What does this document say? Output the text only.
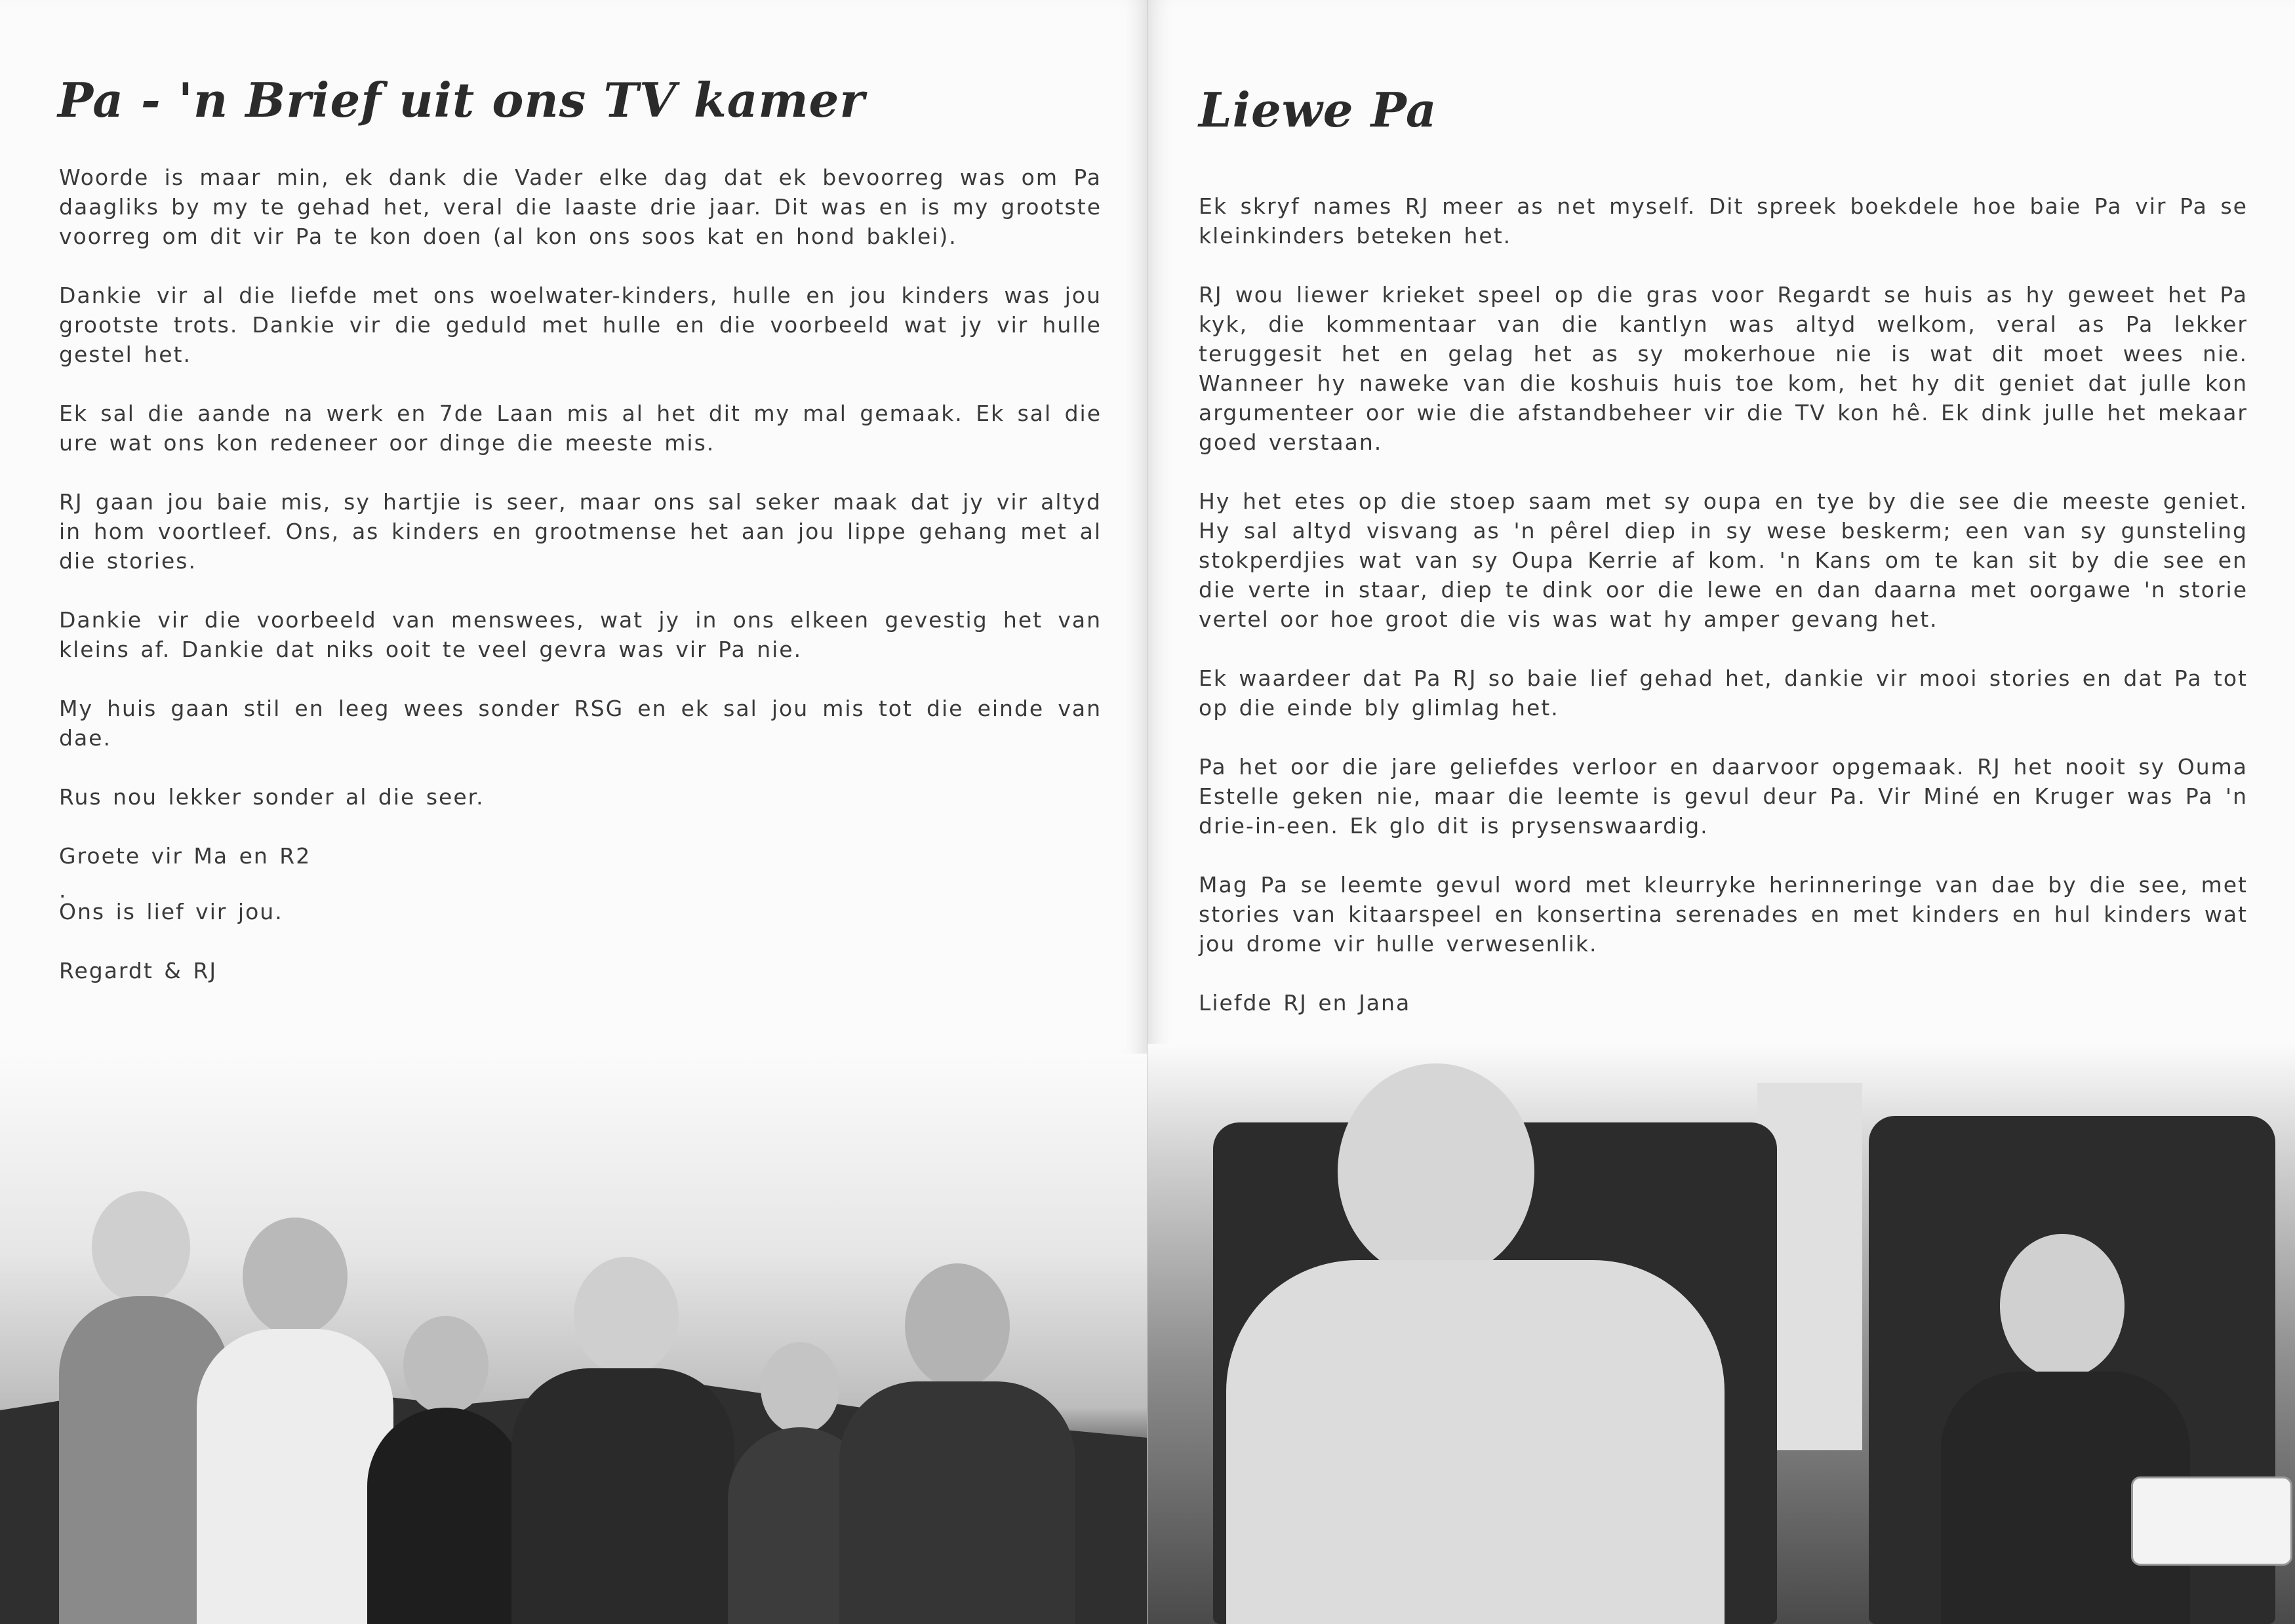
Pa - 'n Brief uit ons TV kamer

Woorde is maar min, ek dank die Vader elke dag dat ek bevoorreg was om Pa daagliks by my te gehad het, veral die laaste drie jaar. Dit was en is my grootste voorreg om dit vir Pa te kon doen (al kon ons soos kat en hond baklei).

Dankie vir al die liefde met ons woelwater-kinders, hulle en jou kinders was jou grootste trots. Dankie vir die geduld met hulle en die voorbeeld wat jy vir hulle gestel het.

Ek sal die aande na werk en 7de Laan mis al het dit my mal gemaak. Ek sal die ure wat ons kon redeneer oor dinge die meeste mis.

RJ gaan jou baie mis, sy hartjie is seer, maar ons sal seker maak dat jy vir altyd in hom voortleef. Ons, as kinders en grootmense het aan jou lippe gehang met al die stories.

Dankie vir die voorbeeld van menswees, wat jy in ons elkeen gevestig het van kleins af. Dankie dat niks ooit te veel gevra was vir Pa nie.

My huis gaan stil en leeg wees sonder RSG en ek sal jou mis tot die einde van dae.

Rus nou lekker sonder al die seer.

Groete vir Ma en R2

.

Ons is lief vir jou.

Regardt & RJ

Liewe Pa

Ek skryf names RJ meer as net myself. Dit spreek boekdele hoe baie Pa vir Pa se kleinkinders beteken het.

RJ wou liewer krieket speel op die gras voor Regardt se huis as hy geweet het Pa kyk, die kommentaar van die kantlyn was altyd welkom, veral as Pa lekker teruggesit het en gelag het as sy mokerhoue nie is wat dit moet wees nie. Wanneer hy naweke van die koshuis huis toe kom, het hy dit geniet dat julle kon argumenteer oor wie die afstandbeheer vir die TV kon hê. Ek dink julle het mekaar goed verstaan.

Hy het etes op die stoep saam met sy oupa en tye by die see die meeste geniet. Hy sal altyd visvang as 'n pêrel diep in sy wese beskerm; een van sy gunsteling stokperdjies wat van sy Oupa Kerrie af kom. 'n Kans om te kan sit by die see en die verte in staar, diep te dink oor die lewe en dan daarna met oorgawe 'n storie vertel oor hoe groot die vis was wat hy amper gevang het.

Ek waardeer dat Pa RJ so baie lief gehad het, dankie vir mooi stories en dat Pa tot op die einde bly glimlag het.

Pa het oor die jare geliefdes verloor en daarvoor opgemaak. RJ het nooit sy Ouma Estelle geken nie, maar die leemte is gevul deur Pa. Vir Miné en Kruger was Pa 'n drie-in-een. Ek glo dit is prysenswaardig.

Mag Pa se leemte gevul word met kleurryke herinneringe van dae by die see, met stories van kitaarspeel en konsertina serenades en met kinders en hul kinders wat jou drome vir hulle verwesenlik.

Liefde RJ en Jana
